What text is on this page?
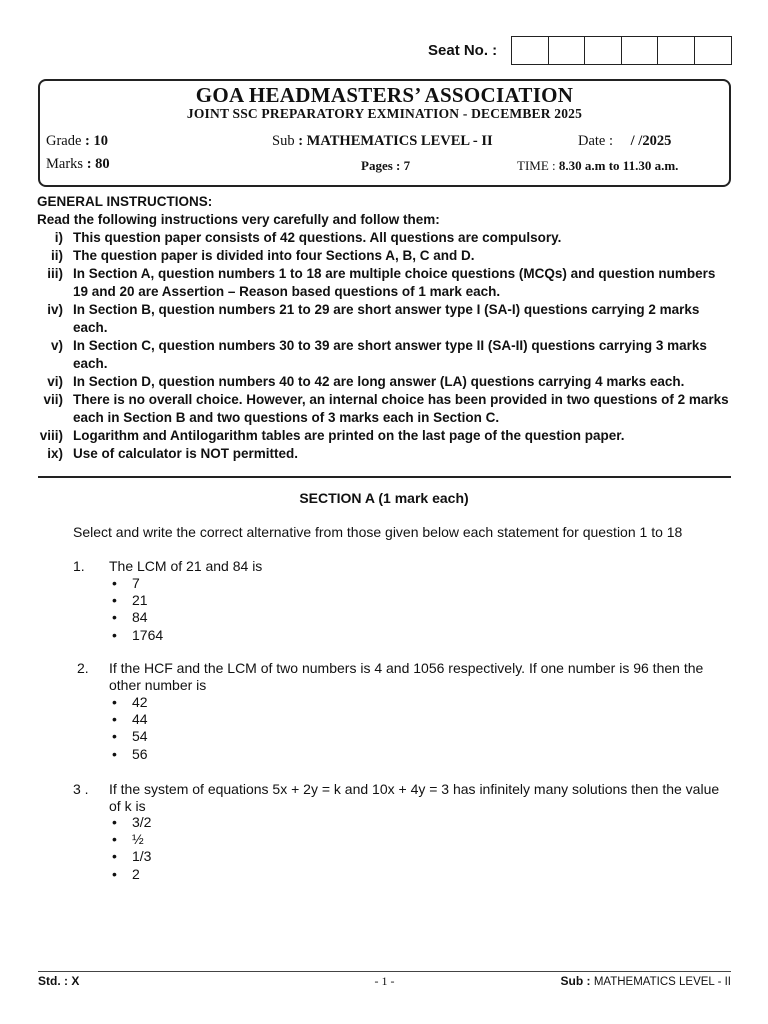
Seat No. :
GOA HEADMASTERS’ ASSOCIATION
JOINT SSC PREPARATORY EXMINATION - DECEMBER 2025
Grade : 10	Sub : MATHEMATICS LEVEL - II	Date : / /2025
Marks : 80	Pages : 7	TIME : 8.30 a.m to 11.30 a.m.
GENERAL INSTRUCTIONS:
Read the following instructions very carefully and follow them:
i) This question paper consists of 42 questions. All questions are compulsory.
ii) The question paper is divided into four Sections A, B, C and D.
iii) In Section A, question numbers 1 to 18 are multiple choice questions (MCQs) and question numbers 19 and 20 are Assertion – Reason based questions of 1 mark each.
iv) In Section B, question numbers 21 to 29 are short answer type I (SA-I) questions carrying 2 marks each.
v) In Section C, question numbers 30 to 39 are short answer type II (SA-II) questions carrying 3 marks each.
vi) In Section D, question numbers 40 to 42 are long answer (LA) questions carrying 4 marks each.
vii) There is no overall choice. However, an internal choice has been provided in two questions of 2 marks each in Section B and two questions of 3 marks each in Section C.
viii) Logarithm and Antilogarithm tables are printed on the last page of the question paper.
ix) Use of calculator is NOT permitted.
SECTION A (1 mark each)
Select and write the correct alternative from those given below each statement for question 1 to 18
1. The LCM of 21 and 84 is
• 7
• 21
• 84
• 1764
2. If the HCF and the LCM of two numbers is 4 and 1056 respectively. If one number is 96 then the other number is
• 42
• 44
• 54
• 56
3 . If the system of equations 5x + 2y = k and 10x + 4y = 3 has infinitely many solutions then the value of k is
• 3/2
• ½
• 1/3
• 2
Std. : X	- 1 -	Sub : MATHEMATICS LEVEL - II
